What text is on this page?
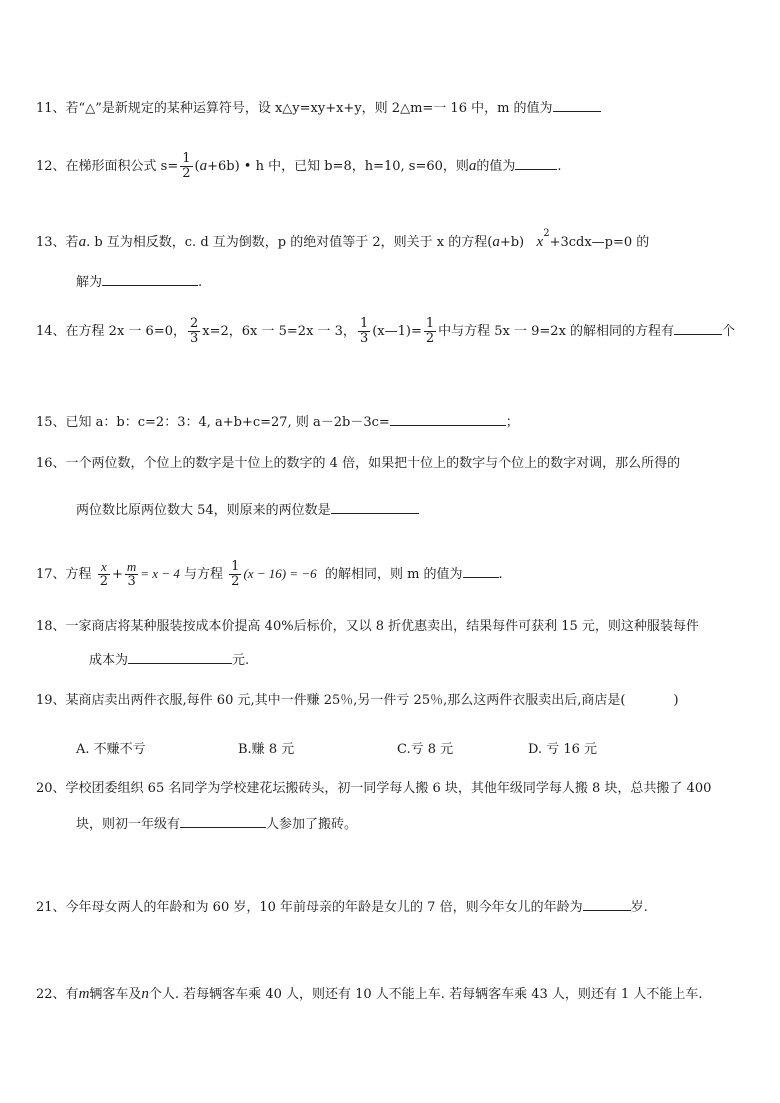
11、若“△”是新规定的某种运算符号，设 x△y=xy+x+y，则 2△m=一 16 中，m 的值为
12、在梯形面积公式 $s= \frac{1}{2} (a+6b)$ • h 中，已知 b=8，h=10, s=60，则a的值为	.
13、若a. b 互为相反数，c. d 互为倒数，p 的绝对值等于 2，则关于 x 的方程(a+b) $x^2+3cdx—p=0$ 的
解为	.
14、在方程 2x 一 6=0， $\frac{2}{3} x=2$，6x 一 5=2x 一 3， $\frac{1}{3}$ (x—1)= $\frac{1}{2}$ 中与方程 5x 一 9=2x 的解相同的方程有	个
15、已知 a：b：c=2：3：4, a+b+c=27, 则 a－2b－3c=	；
16、一个两位数，个位上的数字是十位上的数字的 4 倍，如果把十位上的数字与个位上的数字对调，那么所得的
两位数比原两位数大 54，则原来的两位数是
17、方程 $\frac{x}{2} + \frac{m}{3} = x - 4$ 与方程 $\frac{1}{2} (x - 16) = -6$ 的解相同，则 m 的值为	.
18、一家商店将某种服装按成本价提高 40%后标价，又以 8 折优惠卖出，结果每件可获利 15 元，则这种服装每件
成本为	元.
19、某商店卖出两件衣服,每件 60 元,其中一件赚 25％,另一件亏 25％,那么这两件衣服卖出后,商店是(	)
A. 不赚不亏	B.赚 8 元	C.亏 8 元	D. 亏 16 元
20、学校团委组织 65 名同学为学校建花坛搬砖头，初一同学每人搬 6 块，其他年级同学每人搬 8 块，总共搬了 400
块，则初一年级有	人参加了搬砖。
21、今年母女两人的年龄和为 60 岁，10 年前母亲的年龄是女儿的 7 倍，则今年女儿的年龄为	岁.
22、有m辆客车及n个人. 若每辆客车乘 40 人，则还有 10 人不能上车. 若每辆客车乘 43 人，则还有 1 人不能上车.
